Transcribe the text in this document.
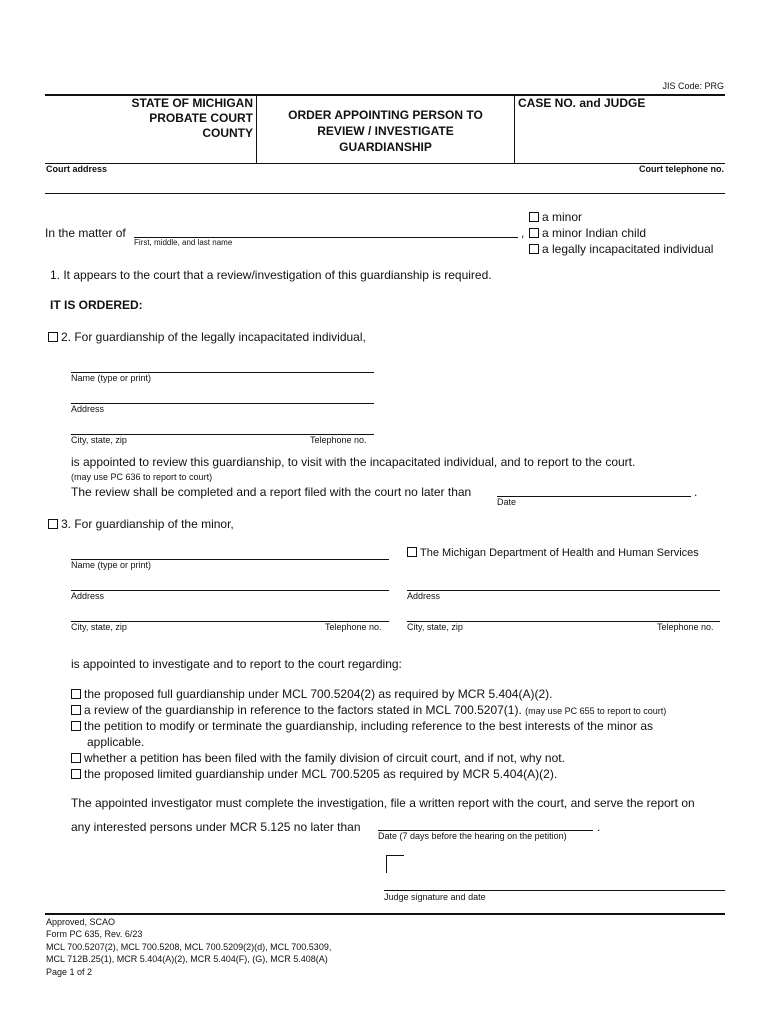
JIS Code: PRG
STATE OF MICHIGAN
PROBATE COURT
COUNTY
ORDER APPOINTING PERSON TO
REVIEW / INVESTIGATE
GUARDIANSHIP
CASE NO. and JUDGE
Court address	Court telephone no.
In the matter of
First, middle, and last name
,
a minor
a minor Indian child
a legally incapacitated individual
1. It appears to the court that a review/investigation of this guardianship is required.
IT IS ORDERED:
2. For guardianship of the legally incapacitated individual,
Name (type or print)
Address
City, state, zip	Telephone no.
is appointed to review this guardianship, to visit with the incapacitated individual, and to report to the court.
(may use PC 636 to report to court)
The review shall be completed and a report filed with the court no later than
Date
.
3. For guardianship of the minor,
Name (type or print)
Address
City, state, zip	Telephone no.
The Michigan Department of Health and Human Services
Address
City, state, zip	Telephone no.
is appointed to investigate and to report to the court regarding:
the proposed full guardianship under MCL 700.5204(2) as required by MCR 5.404(A)(2).
a review of the guardianship in reference to the factors stated in MCL 700.5207(1). (may use PC 655 to report to court)
the petition to modify or terminate the guardianship, including reference to the best interests of the minor as
applicable.
whether a petition has been filed with the family division of circuit court, and if not, why not.
the proposed limited guardianship under MCL 700.5205 as required by MCR 5.404(A)(2).
The appointed investigator must complete the investigation, file a written report with the court, and serve the report on
any interested persons under MCR 5.125 no later than
Date (7 days before the hearing on the petition)
.
Judge signature and date
Approved, SCAO
Form PC 635, Rev. 6/23
MCL 700.5207(2), MCL 700.5208, MCL 700.5209(2)(d), MCL 700.5309,
MCL 712B.25(1), MCR 5.404(A)(2), MCR 5.404(F), (G), MCR 5.408(A)
Page 1 of 2
